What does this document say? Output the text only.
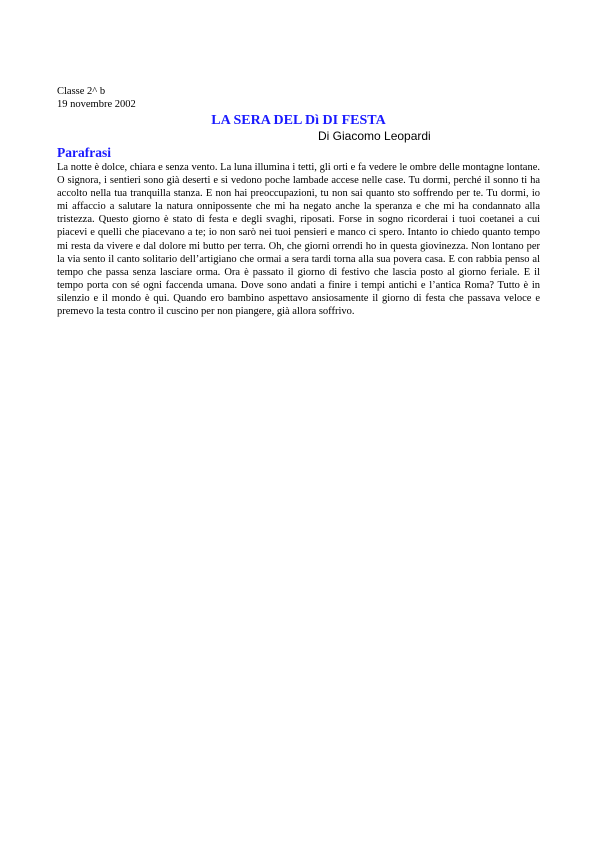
Classe 2^ b
19 novembre 2002
LA SERA DEL Dì DI FESTA
Di Giacomo Leopardi
Parafrasi

La notte è dolce, chiara e senza vento. La luna illumina i tetti, gli orti e fa vedere le ombre delle montagne lontane. O signora, i sentieri sono già deserti e si vedono poche lambade accese nelle case. Tu dormi, perché il sonno ti ha accolto nella tua tranquilla stanza. E non hai preoccupazioni, tu non sai quanto sto soffrendo per te. Tu dormi, io mi affaccio a salutare la natura onnipossente che mi ha negato anche la speranza e che mi ha condannato alla tristezza. Questo giorno è stato di festa e degli svaghi, riposati. Forse in sogno ricorderai i tuoi coetanei a cui piacevi e quelli che piacevano a te; io non sarò nei tuoi pensieri e manco ci spero. Intanto io chiedo quanto tempo mi resta da vivere e dal dolore mi butto per terra. Oh, che giorni orrendi ho in questa giovinezza. Non lontano per la via sento il canto solitario dell’artigiano che ormai a sera tardi torna alla sua povera casa. E con rabbia penso al tempo che passa senza lasciare orma. Ora è passato il giorno di festivo che lascia posto al giorno feriale. E il tempo porta con sé ogni faccenda umana. Dove sono andati a finire i tempi antichi e l’antica Roma? Tutto è in silenzio e il mondo è qui. Quando ero bambino aspettavo ansiosamente il giorno di festa che passava veloce e premevo la testa contro il cuscino per non piangere, già allora soffrivo.
